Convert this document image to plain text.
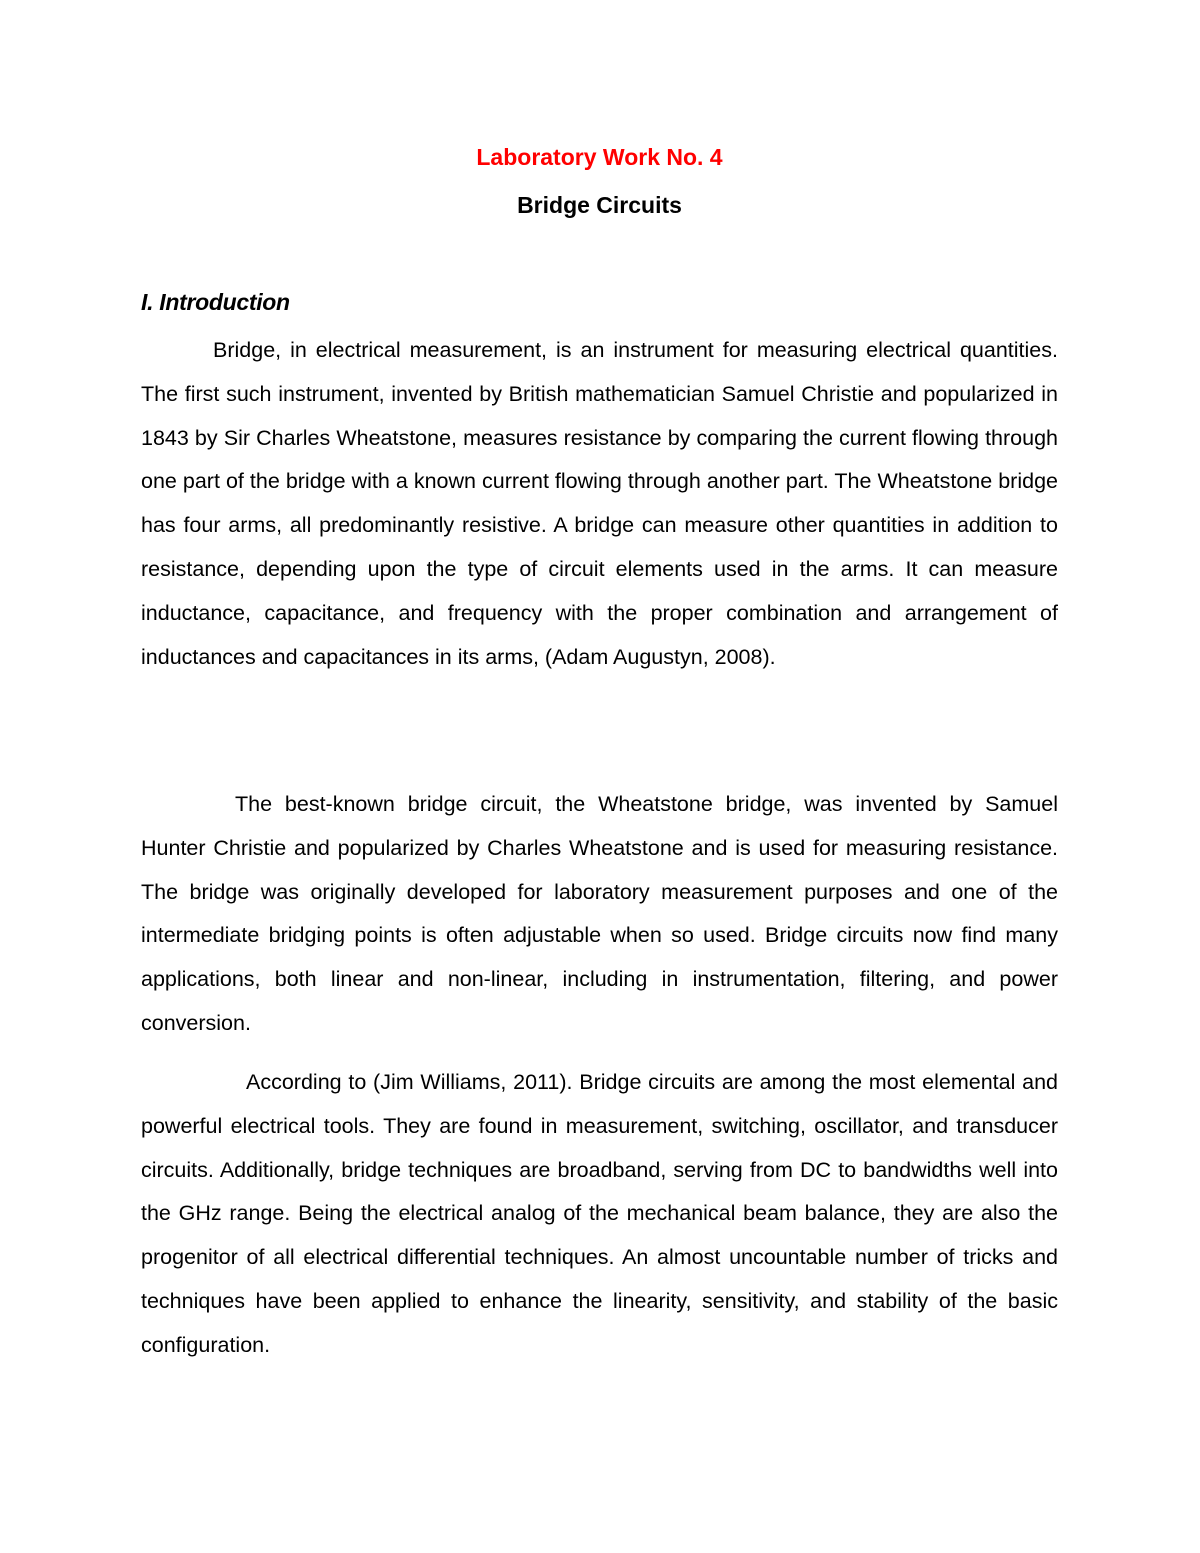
Laboratory Work No. 4
Bridge Circuits
I. Introduction

Bridge, in electrical measurement, is an instrument for measuring electrical quantities. The first such instrument, invented by British mathematician Samuel Christie and popularized in 1843 by Sir Charles Wheatstone, measures resistance by comparing the current flowing through one part of the bridge with a known current flowing through another part. The Wheatstone bridge has four arms, all predominantly resistive. A bridge can measure other quantities in addition to resistance, depending upon the type of circuit elements used in the arms. It can measure inductance, capacitance, and frequency with the proper combination and arrangement of inductances and capacitances in its arms, (Adam Augustyn, 2008).

The best-known bridge circuit, the Wheatstone bridge, was invented by Samuel Hunter Christie and popularized by Charles Wheatstone and is used for measuring resistance. The bridge was originally developed for laboratory measurement purposes and one of the intermediate bridging points is often adjustable when so used. Bridge circuits now find many applications, both linear and non-linear, including in instrumentation, filtering, and power conversion.

According to (Jim Williams, 2011). Bridge circuits are among the most elemental and powerful electrical tools. They are found in measurement, switching, oscillator, and transducer circuits. Additionally, bridge techniques are broadband, serving from DC to bandwidths well into the GHz range. Being the electrical analog of the mechanical beam balance, they are also the progenitor of all electrical differential techniques. An almost uncountable number of tricks and techniques have been applied to enhance the linearity, sensitivity, and stability of the basic configuration.
